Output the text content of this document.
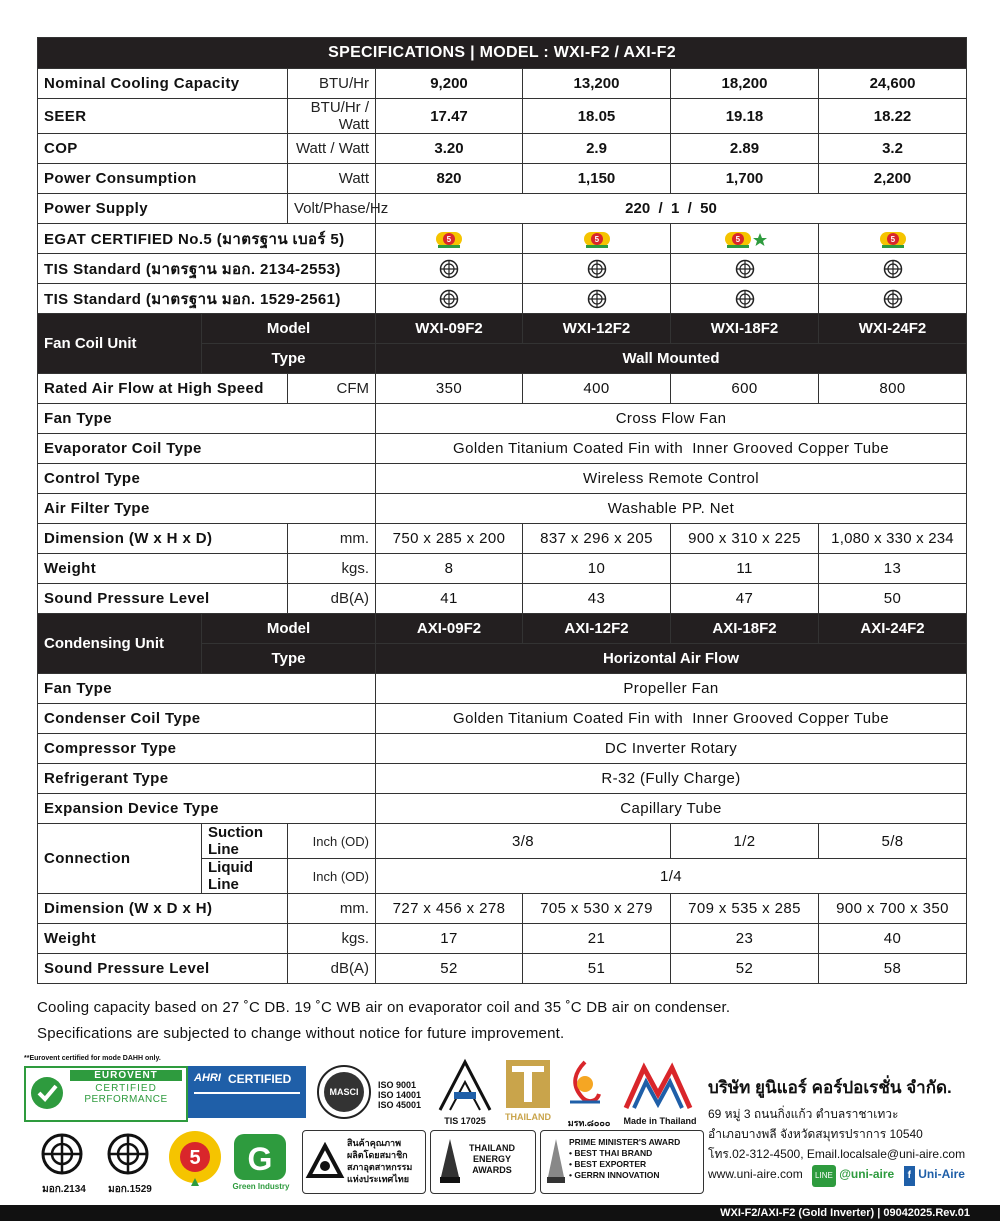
SPECIFICATIONS | MODEL : WXI-F2 / AXI-F2						
Nominal Cooling Capacity		BTU/Hr	9,200	13,200	18,200	24,600
SEER		BTU/Hr / Watt	17.47	18.05	19.18	18.22
COP		Watt / Watt	3.20	2.9	2.89	3.2
Power Consumption		Watt	820	1,150	1,700	2,200
Power Supply		Volt/Phase/Hz	220  /  1  /  50			
EGAT CERTIFIED No.5 (มาตรฐาน เบอร์ 5)			5	5	5	5

TIS Standard (มาตรฐาน มอก. 2134-2553)				
TIS Standard (มาตรฐาน มอก. 1529-2561)				
Fan Coil Unit	Model		WXI-09F2	WXI-12F2	WXI-18F2	WXI-24F2
	Type		Wall Mounted			
Rated Air Flow at High Speed		CFM	350	400	600	800
Fan Type			Cross Flow Fan			
Evaporator Coil Type			Golden Titanium Coated Fin with  Inner Grooved Copper Tube			
Control Type			Wireless Remote Control			
Air Filter Type			Washable PP. Net			
Dimension (W x H x D)		mm.	750 x 285 x 200	837 x 296 x 205	900 x 310 x 225	1,080 x 330 x 234
Weight		kgs.	8	10	11	13
Sound Pressure Level		dB(A)	41	43	47	50
Condensing Unit	Model		AXI-09F2	AXI-12F2	AXI-18F2	AXI-24F2
	Type		Horizontal Air Flow			
Fan Type			Propeller Fan			
Condenser Coil Type			Golden Titanium Coated Fin with  Inner Grooved Copper Tube			
Compressor Type			DC Inverter Rotary			
Refrigerant Type			R-32 (Fully Charge)			
Expansion Device Type			Capillary Tube			
Connection	Suction Line	Inch (OD)	3/8		1/2	5/8
	Liquid Line	Inch (OD)	1/4			
Dimension (W x D x H)		mm.	727 x 456 x 278	705 x 530 x 279	709 x 535 x 285	900 x 700 x 350
Weight		kgs.	17	21	23	40
Sound Pressure Level		dB(A)	52	51	52	58
Cooling capacity based on 27 ˚C DB. 19 ˚C WB air on evaporator coil and 35 ˚C DB air on condenser.
Specifications are subjected to change without notice for future improvement.
**Eurovent certified for mode DAHH only.
EUROVENT
CERTIFIED
PERFORMANCE
AHRI CERTIFIED
MASCI
ISO 9001
ISO 14001
ISO 45001
TIS 17025	THAILAND
มรท.๘๐๐๐	Made in Thailand
บริษัท ยูนิแอร์ คอร์ปอเรชั่น จำกัด.
69 หมู่ 3 ถนนกิ่งแก้ว ตำบลราชาเทวะ
อำเภอบางพลี จังหวัดสมุทรปราการ 10540
โทร.02-312-4500, Email.localsale@uni-aire.com
www.uni-aire.com LINE @uni-aire f Uni-Aire
มอก.2134	มอก.1529
5 G
Green Industry
สินค้าคุณภาพ
ผลิตโดยสมาชิก
สภาอุตสาหกรรม
แห่งประเทศไทย
THAILAND
ENERGY
AWARDS
PRIME MINISTER'S AWARD
• BEST THAI BRAND
• BEST EXPORTER
• GERRN INNOVATION
WXI-F2/AXI-F2 (Gold Inverter) | 09042025.Rev.01
